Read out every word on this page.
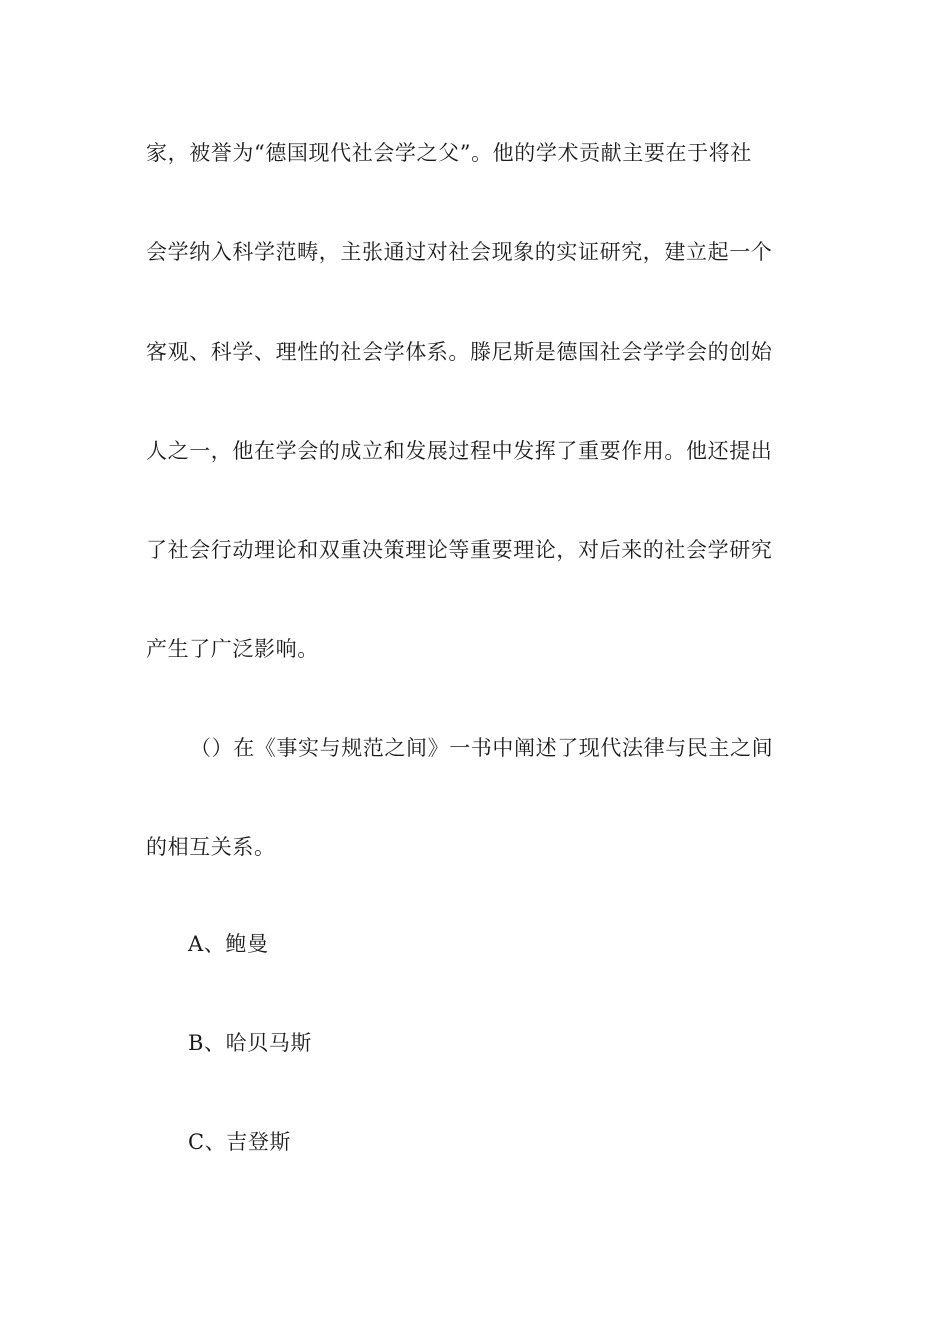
家，被誉为“德国现代社会学之父”。他的学术贡献主要在于将社
会学纳入科学范畴，主张通过对社会现象的实证研究，建立起一个
客观、科学、理性的社会学体系。滕尼斯是德国社会学学会的创始
人之一，他在学会的成立和发展过程中发挥了重要作用。他还提出
了社会行动理论和双重决策理论等重要理论，对后来的社会学研究
产生了广泛影响。
（）在《事实与规范之间》一书中阐述了现代法律与民主之间
的相互关系。
A、鲍曼
B、哈贝马斯
C、吉登斯
